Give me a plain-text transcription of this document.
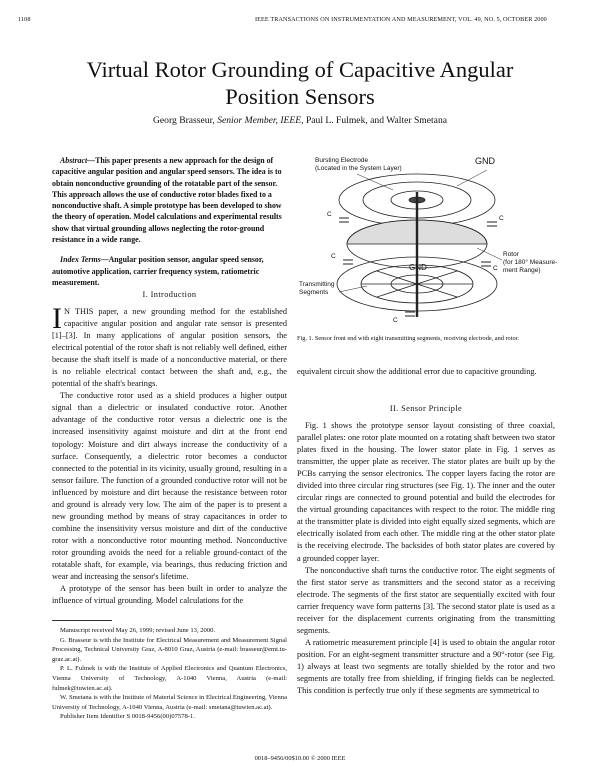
1108	IEEE TRANSACTIONS ON INSTRUMENTATION AND MEASUREMENT, VOL. 49, NO. 5, OCTOBER 2000
Virtual Rotor Grounding of Capacitive Angular
Position Sensors
Georg Brasseur, Senior Member, IEEE, Paul L. Fulmek, and Walter Smetana

Abstract—This paper presents a new approach for the design of capacitive angular position and angular speed sensors. The idea is to obtain nonconductive grounding of the rotatable part of the sensor. This approach allows the use of conductive rotor blades fixed to a nonconductive shaft. A simple prototype has been developed to show the theory of operation. Model calculations and experimental results show that virtual grounding allows neglecting the rotor-ground resistance in a wide range.

Index Terms—Angular position sensor, angular speed sensor, automotive application, carrier frequency system, ratiometric measurement.

I. Introduction

I N THIS paper, a new grounding method for the established capacitive angular position and angular rate sensor is presented [1]–[3]. In many applications of angular position sensors, the electrical potential of the rotor shaft is not reliably well defined, either because the shaft itself is made of a nonconductive material, or there is no reliable electrical contact between the shaft and, e.g., the potential of the shaft's bearings.

The conductive rotor used as a shield produces a higher output signal than a dielectric or insulated conductive rotor. Another advantage of the conductive rotor versus a dielectric one is the increased insensitivity against moisture and dirt at the front end topology: Moisture and dirt always increase the conductivity of a surface. Consequently, a dielectric rotor becomes a conductor connected to the potential in its vicinity, usually ground, resulting in a sensor failure. The function of a grounded conductive rotor will not be influenced by moisture and dirt because the resistance between rotor and ground is already very low. The aim of the paper is to present a new grounding method by means of stray capacitances in order to combine the insensitivity versus moisture and dirt of the conductive rotor with a nonconductive rotor mounting method. Nonconductive rotor grounding avoids the need for a reliable ground-contact of the rotatable shaft, for example, via bearings, thus reducing friction and wear and increasing the sensor's lifetime.

A prototype of the sensor has been built in order to analyze the influence of virtual grounding. Model calculations for the

Manuscript received May 26, 1999; revised June 13, 2000.

G. Brasseur is with the Institute for Electrical Measurement and Measurement Signal Processing, Technical University Graz, A-8010 Graz, Austria (e-mail: brasseur@emt.tu-graz.ac.at).

P. L. Fulmek is with the Institute of Applied Electronics and Quantum Electronics, Vienna University of Technology, A-1040 Vienna, Austria (e-mail: fulmek@tuwien.ac.at).

W. Smetana is with the Institute of Material Science in Electrical Engineering, Vienna University of Technology, A-1040 Vienna, Austria (e-mail: smetana@tuwien.ac.at).

Publisher Item Identifier S 0018-9456(00)07578-1.

Bursting Electrode
(Located in the System Layer)
GND
GND
C
C
C
C
C
Rotor
(for 180° Measure-
ment Range)
Transmitting
Segments
Fig. 1. Sensor front end with eight transmitting segments, receiving electrode, and rotor.

equivalent circuit show the additional error due to capacitive grounding.

II. Sensor Principle

Fig. 1 shows the prototype sensor layout consisting of three coaxial, parallel plates: one rotor plate mounted on a rotating shaft between two stator plates fixed in the housing. The lower stator plate in Fig. 1 serves as transmitter, the upper plate as receiver. The stator plates are built up by the PCBs carrying the sensor electronics. The copper layers facing the rotor are divided into three circular ring structures (see Fig. 1). The inner and the outer circular rings are connected to ground potential and build the electrodes for the virtual grounding capacitances with respect to the rotor. The middle ring at the transmitter plate is divided into eight equally sized segments, which are electrically isolated from each other. The middle ring at the other stator plate is the receiving electrode. The backsides of both stator plates are covered by a grounded copper layer.

The nonconductive shaft turns the conductive rotor. The eight segments of the first stator serve as transmitters and the second stator as a receiving electrode. The segments of the first stator are sequentially excited with four carrier frequency wave form patterns [3]. The second stator plate is used as a receiver for the displacement currents originating from the transmitting segments.

A ratiometric measurement principle [4] is used to obtain the angular rotor position. For an eight-segment transmitter structure and a 90°-rotor (see Fig. 1) always at least two segments are totally shielded by the rotor and two segments are totally free from shielding, if fringing fields can be neglected. This condition is perfectly true only if these segments are symmetrical to

0018–9456/00$10.00 © 2000 IEEE
